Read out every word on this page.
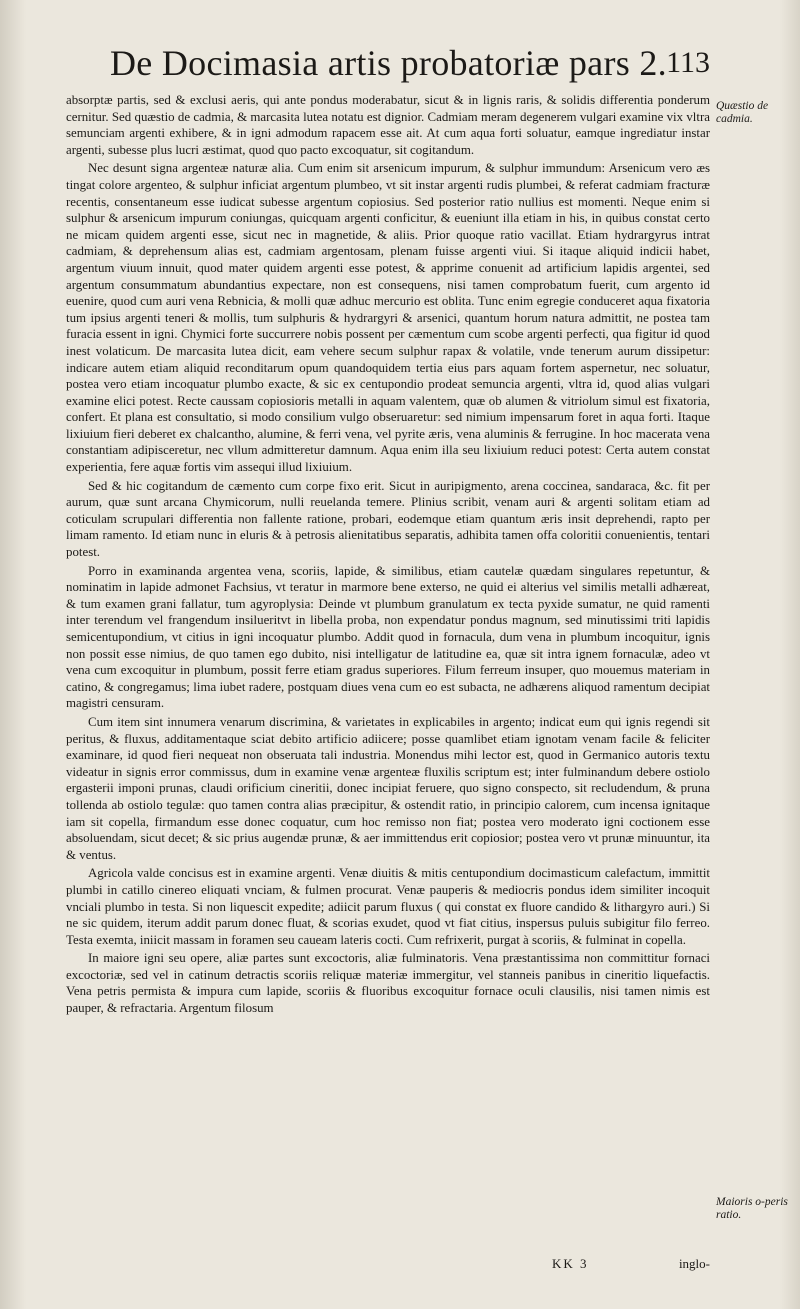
De Docimasia artis probatoriæ pars 2. 113
Quæstio de cadmia.
Maioris o-peris ratio.

absorptæ partis, sed & exclusi aeris, qui ante pondus moderabatur, sicut & in lignis raris, & solidis differentia ponderum cernitur. Sed quæstio de cadmia, & marcasita lutea notatu est dignior. Cadmiam meram degenerem vulgari examine vix vltra semunciam argenti exhibere, & in igni admodum rapacem esse ait. At cum aqua forti soluatur, eamque ingrediatur instar argenti, subesse plus lucri æstimat, quod quo pacto excoquatur, sit cogitandum.

Nec desunt signa argenteæ naturæ alia. Cum enim sit arsenicum impurum, & sulphur immundum: Arsenicum vero æs tingat colore argenteo, & sulphur inficiat argentum plumbeo, vt sit instar argenti rudis plumbei, & referat cadmiam fracturæ recentis, consentaneum esse iudicat subesse argentum copiosius. Sed posterior ratio nullius est momenti. Neque enim si sulphur & arsenicum impurum coniungas, quicquam argenti conficitur, & eueniunt illa etiam in his, in quibus constat certo ne micam quidem argenti esse, sicut nec in magnetide, & aliis. Prior quoque ratio vacillat. Etiam hydrargyrus intrat cadmiam, & deprehensum alias est, cadmiam argentosam, plenam fuisse argenti viui. Si itaque aliquid indicii habet, argentum viuum innuit, quod mater quidem argenti esse potest, & apprime conuenit ad artificium lapidis argentei, sed argentum consummatum abundantius expectare, non est consequens, nisi tamen comprobatum fuerit, cum argento id euenire, quod cum auri vena Rebnicia, & molli quæ adhuc mercurio est oblita. Tunc enim egregie conduceret aqua fixatoria tum ipsius argenti teneri & mollis, tum sulphuris & hydrargyri & arsenici, quantum horum natura admittit, ne postea tam furacia essent in igni. Chymici forte succurrere nobis possent per cæmentum cum scobe argenti perfecti, qua figitur id quod inest volaticum. De marcasita lutea dicit, eam vehere secum sulphur rapax & volatile, vnde tenerum aurum dissipetur: indicare autem etiam aliquid reconditarum opum quandoquidem tertia eius pars aquam fortem aspernetur, nec soluatur, postea vero etiam incoquatur plumbo exacte, & sic ex centupondio prodeat semuncia argenti, vltra id, quod alias vulgari examine elici potest. Recte caussam copiosioris metalli in aquam valentem, quæ ob alumen & vitriolum simul est fixatoria, confert. Et plana est consultatio, si modo consilium vulgo obseruaretur: sed nimium impensarum foret in aqua forti. Itaque lixiuium fieri deberet ex chalcantho, alumine, & ferri vena, vel pyrite æris, vena aluminis & ferrugine. In hoc macerata vena constantiam adipisceretur, nec vllum admitteretur damnum. Aqua enim illa seu lixiuium reduci potest: Certa autem constat experientia, fere aquæ fortis vim assequi illud lixiuium.

Sed & hic cogitandum de cæmento cum corpe fixo erit. Sicut in auripigmento, arena coccinea, sandaraca, &c. fit per aurum, quæ sunt arcana Chymicorum, nulli reuelanda temere. Plinius scribit, venam auri & argenti solitam etiam ad coticulam scrupulari differentia non fallente ratione, probari, eodemque etiam quantum æris insit deprehendi, rapto per limam ramento. Id etiam nunc in eluris & à petrosis alienitatibus separatis, adhibita tamen offa coloritii conuenientis, tentari potest.

Porro in examinanda argentea vena, scoriis, lapide, & similibus, etiam cautelæ quædam singulares repetuntur, & nominatim in lapide admonet Fachsius, vt teratur in marmore bene exterso, ne quid ei alterius vel similis metalli adhæreat, & tum examen grani fallatur, tum agyroplysia: Deinde vt plumbum granulatum ex tecta pyxide sumatur, ne quid ramenti inter terendum vel frangendum insilueritvt in libella proba, non expendatur pondus magnum, sed minutissimi triti lapidis semicentupondium, vt citius in igni incoquatur plumbo. Addit quod in fornacula, dum vena in plumbum incoquitur, ignis non possit esse nimius, de quo tamen ego dubito, nisi intelligatur de latitudine ea, quæ sit intra ignem fornaculæ, adeo vt vena cum excoquitur in plumbum, possit ferre etiam gradus superiores. Filum ferreum insuper, quo mouemus materiam in catino, & congregamus; lima iubet radere, postquam diues vena cum eo est subacta, ne adhærens aliquod ramentum decipiat magistri censuram.

Cum item sint innumera venarum discrimina, & varietates in explicabiles in argento; indicat eum qui ignis regendi sit peritus, & fluxus, additamentaque sciat debito artificio adiicere; posse quamlibet etiam ignotam venam facile & feliciter examinare, id quod fieri nequeat non obseruata tali industria. Monendus mihi lector est, quod in Germanico autoris textu videatur in signis error commissus, dum in examine venæ argenteæ fluxilis scriptum est; inter fulminandum debere ostiolo ergasterii imponi prunas, claudi orificium cineritii, donec incipiat feruere, quo signo conspecto, sit recludendum, & pruna tollenda ab ostiolo tegulæ: quo tamen contra alias præcipitur, & ostendit ratio, in principio calorem, cum incensa ignitaque iam sit copella, firmandum esse donec coquatur, cum hoc remisso non fiat; postea vero moderato igni coctionem esse absoluendam, sicut decet; & sic prius augendæ prunæ, & aer immittendus erit copiosior; postea vero vt prunæ minuuntur, ita & ventus.

Agricola valde concisus est in examine argenti. Venæ diuitis & mitis centupondium docimasticum calefactum, immittit plumbi in catillo cinereo eliquati vnciam, & fulmen procurat. Venæ pauperis & mediocris pondus idem similiter incoquit vnciali plumbo in testa. Si non liquescit expedite; adiicit parum fluxus ( qui constat ex fluore candido & lithargyro auri.) Si ne sic quidem, iterum addit parum donec fluat, & scorias exudet, quod vt fiat citius, inspersus puluis subigitur filo ferreo. Testa exemta, iniicit massam in foramen seu caueam lateris cocti. Cum refrixerit, purgat à scoriis, & fulminat in copella.

In maiore igni seu opere, aliæ partes sunt excoctoris, aliæ fulminatoris. Vena præstantissima non committitur fornaci excoctoriæ, sed vel in catinum detractis scoriis reliquæ materiæ immergitur, vel stanneis panibus in cineritio liquefactis. Vena petris permista & impura cum lapide, scoriis & fluoribus excoquitur fornace oculi clausilis, nisi tamen nimis est pauper, & refractaria. Argentum filosum

KK 3	inglo-
